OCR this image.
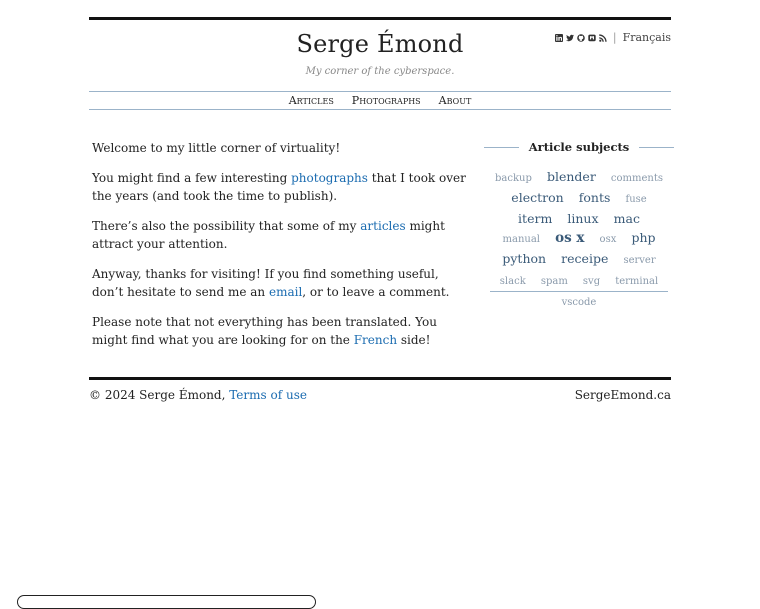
Serge Émond
My corner of the cyberspace.
| Français
Articles Photographs About

Welcome to my little corner of virtuality!

You might find a few interesting photographs that I took over the years (and took the time to publish).

There’s also the possibility that some of my articles might attract your attention.

Anyway, thanks for visiting! If you find something useful, don’t hesitate to send me an email, or to leave a comment.

Please note that not everything has been translated. You might find what you are looking for on the French side!

Article subjects
backup blender comments electron fonts fuse iterm linux mac manual os x osx php python receipe server slack spam svg terminal vscode
© 2024 Serge Émond, Terms of use	SergeEmond.ca
